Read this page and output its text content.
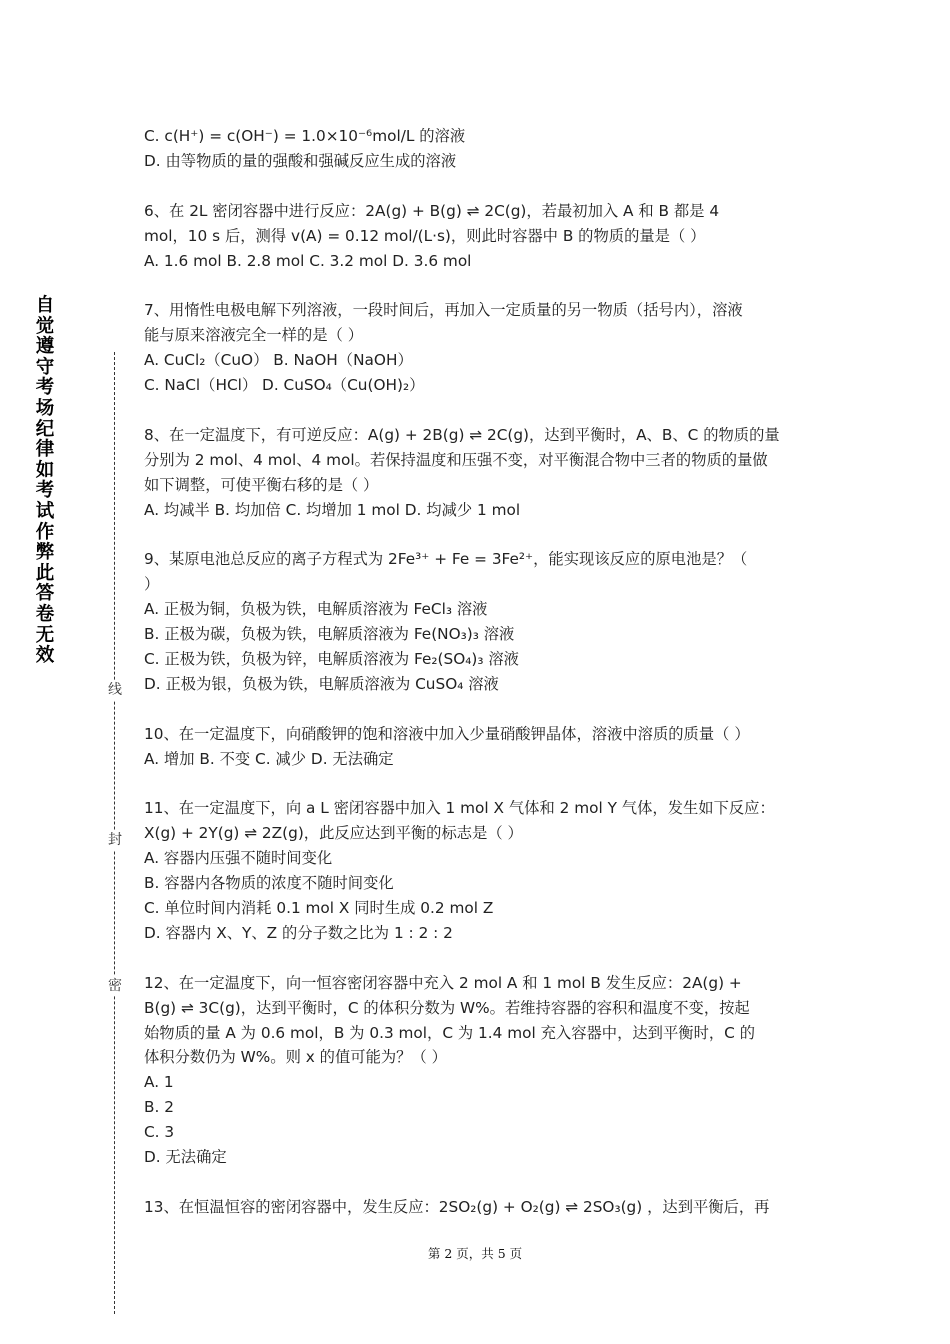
自觉遵守考场纪律如考试作弊此答卷无效
线
封
密
C. c(H⁺) = c(OH⁻) = 1.0×10⁻⁶mol/L 的溶液
D. 由等物质的量的强酸和强碱反应生成的溶液
6、在 2L 密闭容器中进行反应：2A(g) + B(g) ⇌ 2C(g)，若最初加入 A 和 B 都是 4
mol，10 s 后，测得 v(A) = 0.12 mol/(L·s)，则此时容器中 B 的物质的量是（ ）
A. 1.6 mol B. 2.8 mol C. 3.2 mol D. 3.6 mol
7、用惰性电极电解下列溶液，一段时间后，再加入一定质量的另一物质（括号内），溶液
能与原来溶液完全一样的是（ ）
A. CuCl₂（CuO） B. NaOH（NaOH）
C. NaCl（HCl） D. CuSO₄（Cu(OH)₂）
8、在一定温度下，有可逆反应：A(g) + 2B(g) ⇌ 2C(g)，达到平衡时，A、B、C 的物质的量
分别为 2 mol、4 mol、4 mol。若保持温度和压强不变，对平衡混合物中三者的物质的量做
如下调整，可使平衡右移的是（ ）
A. 均减半 B. 均加倍 C. 均增加 1 mol D. 均减少 1 mol
9、某原电池总反应的离子方程式为 2Fe³⁺ + Fe = 3Fe²⁺，能实现该反应的原电池是？（
）
A. 正极为铜，负极为铁，电解质溶液为 FeCl₃ 溶液
B. 正极为碳，负极为铁，电解质溶液为 Fe(NO₃)₃ 溶液
C. 正极为铁，负极为锌，电解质溶液为 Fe₂(SO₄)₃ 溶液
D. 正极为银，负极为铁，电解质溶液为 CuSO₄ 溶液
10、在一定温度下，向硝酸钾的饱和溶液中加入少量硝酸钾晶体，溶液中溶质的质量（ ）
A. 增加 B. 不变 C. 减少 D. 无法确定
11、在一定温度下，向 a L 密闭容器中加入 1 mol X 气体和 2 mol Y 气体，发生如下反应：
X(g) + 2Y(g) ⇌ 2Z(g)，此反应达到平衡的标志是（ ）
A. 容器内压强不随时间变化
B. 容器内各物质的浓度不随时间变化
C. 单位时间内消耗 0.1 mol X 同时生成 0.2 mol Z
D. 容器内 X、Y、Z 的分子数之比为 1 : 2 : 2
12、在一定温度下，向一恒容密闭容器中充入 2 mol A 和 1 mol B 发生反应：2A(g) +
B(g) ⇌ 3C(g)，达到平衡时，C 的体积分数为 W%。若维持容器的容积和温度不变，按起
始物质的量 A 为 0.6 mol，B 为 0.3 mol，C 为 1.4 mol 充入容器中，达到平衡时，C 的
体积分数仍为 W%。则 x 的值可能为？（ ）
A. 1
B. 2
C. 3
D. 无法确定
13、在恒温恒容的密闭容器中，发生反应：2SO₂(g) + O₂(g) ⇌ 2SO₃(g) ，达到平衡后，再
第 2 页，共 5 页
